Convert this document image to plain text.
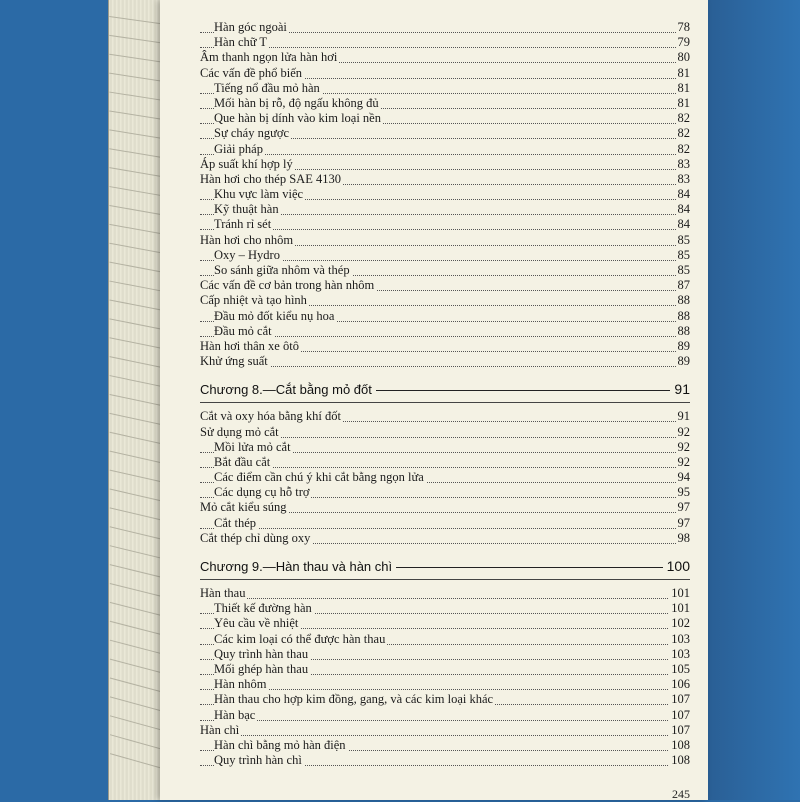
Hàn góc ngoài	78
Hàn chữ T	79
Âm thanh ngọn lửa hàn hơi	80
Các vấn đề phổ biến	81
Tiếng nổ đầu mỏ hàn	81
Mối hàn bị rỗ, độ ngấu không đủ	81
Que hàn bị dính vào kim loại nền	82
Sự cháy ngược	82
Giải pháp	82
Áp suất khí hợp lý	83
Hàn hơi cho thép SAE 4130	83
Khu vực làm việc	84
Kỹ thuật hàn	84
Tránh rỉ sét	84
Hàn hơi cho nhôm	85
Oxy – Hydro	85
So sánh giữa nhôm và thép	85
Các vấn đề cơ bản trong hàn nhôm	87
Cấp nhiệt và tạo hình	88
Đầu mỏ đốt kiểu nụ hoa	88
Đầu mỏ cắt	88
Hàn hơi thân xe ôtô	89
Khử ứng suất	89
Chương 8.—Cắt bằng mỏ đốt	91
Cắt và oxy hóa bằng khí đốt	91
Sử dụng mỏ cắt	92
Mồi lửa mỏ cắt	92
Bắt đầu cắt	92
Các điểm cần chú ý khi cắt bằng ngọn lửa	94
Các dụng cụ hỗ trợ	95
Mỏ cắt kiểu súng	97
Cắt thép	97
Cắt thép chỉ dùng oxy	98
Chương 9.—Hàn thau và hàn chì	100
Hàn thau	101
Thiết kế đường hàn	101
Yêu cầu về nhiệt	102
Các kim loại có thể được hàn thau	103
Quy trình hàn thau	103
Mối ghép hàn thau	105
Hàn nhôm	106
Hàn thau cho hợp kim đồng, gang, và các kim loại khác	107
Hàn bạc	107
Hàn chì	107
Hàn chì bằng mỏ hàn điện	108
Quy trình hàn chì	108
245
